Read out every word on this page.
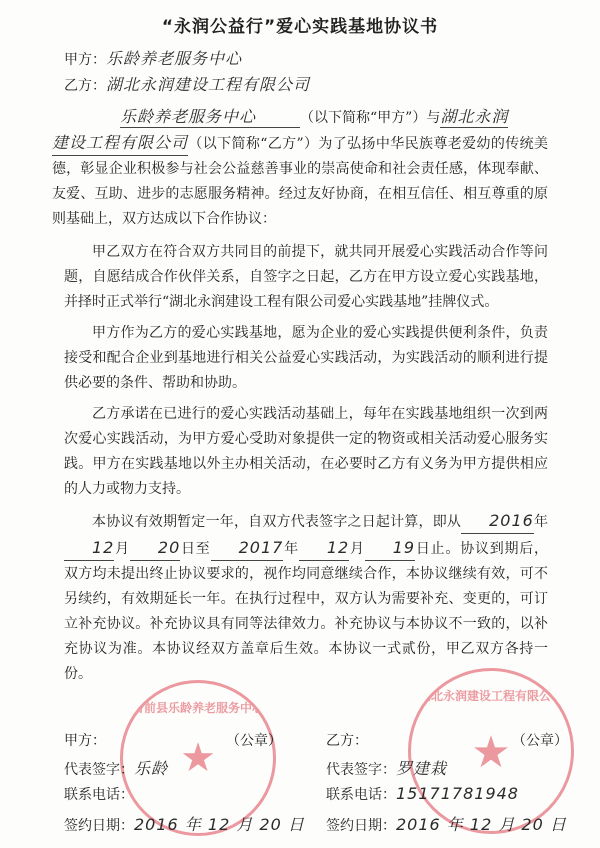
“永润公益行”爱心实践基地协议书
甲方：乐龄养老服务中心
乙方：湖北永润建设工程有限公司
乐龄养老服务中心	（以下简称“甲方”）与湖北永润

建设工程有限公司（以下简称“乙方”）为了弘扬中华民族尊老爱幼的传统美德，彰显企业积极参与社会公益慈善事业的崇高使命和社会责任感，体现奉献、友爱、互助、进步的志愿服务精神。经过友好协商，在相互信任、相互尊重的原则基础上，双方达成以下合作协议：

甲乙双方在符合双方共同目的前提下，就共同开展爱心实践活动合作等问题，自愿结成合作伙伴关系，自签字之日起，乙方在甲方设立爱心实践基地，并择时正式举行“湖北永润建设工程有限公司爱心实践基地”挂牌仪式。

甲方作为乙方的爱心实践基地，愿为企业的爱心实践提供便利条件，负责接受和配合企业到基地进行相关公益爱心实践活动，为实践活动的顺利进行提供必要的条件、帮助和协助。

乙方承诺在已进行的爱心实践活动基础上，每年在实践基地组织一次到两次爱心实践活动，为甲方爱心受助对象提供一定的物资或相关活动爱心服务实践。甲方在实践基地以外主办相关活动，在必要时乙方有义务为甲方提供相应的人力或物力支持。

本协议有效期暂定一年，自双方代表签字之日起计算，即从 2016年12月 20日至 2017年 12月 19日止。协议到期后，双方均未提出终止协议要求的，视作均同意继续合作，本协议继续有效，可不另续约，有效期延长一年。在执行过程中，双方认为需要补充、变更的，可订立补充协议。补充协议具有同等法律效力。补充协议与本协议不一致的，以补充协议为准。本协议经双方盖章后生效。本协议一式贰份，甲乙双方各持一份。

★
台前县乐龄养老服务中心
★
湖北永润建设工程有限公司
甲方：	（公章）
代表签字：乐龄
联系电话：
签约日期：2016 年 12 月 20 日
乙方：	（公章）
代表签字：罗建栽
联系电话：15171781948
签约日期：2016 年 12 月 20 日
